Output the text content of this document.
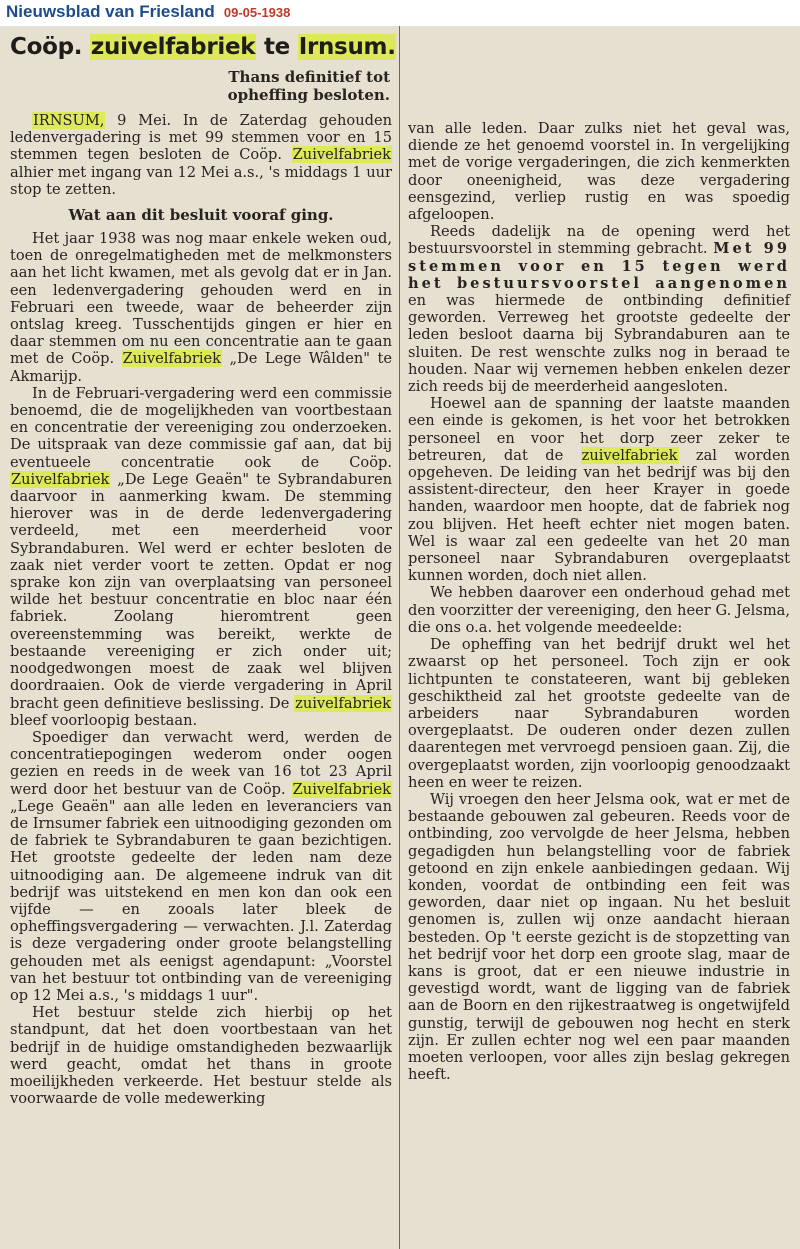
Nieuwsblad van Friesland 09-05-1938
Coöp. zuivelfabriek te Irnsum.
Thans definitief tot
opheffing besloten.

IRNSUM, 9 Mei. In de Zaterdag gehouden ledenvergadering is met 99 stemmen voor en 15 stemmen tegen besloten de Coöp. Zuivelfabriek alhier met ingang van 12 Mei a.s., 's middags 1 uur stop te zetten.

Wat aan dit besluit vooraf ging.

Het jaar 1938 was nog maar enkele weken oud, toen de onregelmatigheden met de melkmonsters aan het licht kwamen, met als gevolg dat er in Jan. een ledenvergadering gehouden werd en in Februari een tweede, waar de beheerder zijn ontslag kreeg. Tusschentijds gingen er hier en daar stemmen om nu een concentratie aan te gaan met de Coöp. Zuivelfabriek „De Lege Wâlden" te Akmarijp.

In de Februari-vergadering werd een commissie benoemd, die de mogelijkheden van voortbestaan en concentratie der vereeniging zou onderzoeken. De uitspraak van deze commissie gaf aan, dat bij eventueele concentratie ook de Coöp. Zuivelfabriek „De Lege Geaën" te Sybrandaburen daarvoor in aanmerking kwam. De stemming hierover was in de derde ledenvergadering verdeeld, met een meerderheid voor Sybrandaburen. Wel werd er echter besloten de zaak niet verder voort te zetten. Opdat er nog sprake kon zijn van overplaatsing van personeel wilde het bestuur concentratie en bloc naar één fabriek. Zoolang hieromtrent geen overeenstemming was bereikt, werkte de bestaande vereeniging er zich onder uit; noodgedwongen moest de zaak wel blijven doordraaien. Ook de vierde vergadering in April bracht geen definitieve beslissing. De zuivelfabriek bleef voorloopig bestaan.

Spoediger dan verwacht werd, werden de concentratiepogingen wederom onder oogen gezien en reeds in de week van 16 tot 23 April werd door het bestuur van de Coöp. Zuivelfabriek „Lege Geaën" aan alle leden en leveranciers van de Irnsumer fabriek een uitnoodiging gezonden om de fabriek te Sybrandaburen te gaan bezichtigen. Het grootste gedeelte der leden nam deze uitnoodiging aan. De algemeene indruk van dit bedrijf was uitstekend en men kon dan ook een vijfde — en zooals later bleek de opheffingsvergadering — verwachten. J.l. Zaterdag is deze vergadering onder groote belangstelling gehouden met als eenigst agendapunt: „Voorstel van het bestuur tot ontbinding van de vereeniging op 12 Mei a.s., 's middags 1 uur".

Het bestuur stelde zich hierbij op het standpunt, dat het doen voortbestaan van het bedrijf in de huidige omstandigheden bezwaarlijk werd geacht, omdat het thans in groote moeilijkheden verkeerde. Het bestuur stelde als voorwaarde de volle medewerking

van alle leden. Daar zulks niet het geval was, diende ze het genoemd voorstel in. In vergelijking met de vorige vergaderingen, die zich kenmerkten door oneenigheid, was deze vergadering eensgezind, verliep rustig en was spoedig afgeloopen.

Reeds dadelijk na de opening werd het bestuursvoorstel in stemming gebracht. Met 99 stemmen voor en 15 tegen werd het bestuursvoorstel aangenomen en was hiermede de ontbinding definitief geworden. Verreweg het grootste gedeelte der leden besloot daarna bij Sybrandaburen aan te sluiten. De rest wenschte zulks nog in beraad te houden. Naar wij vernemen hebben enkelen dezer zich reeds bij de meerderheid aangesloten.

Hoewel aan de spanning der laatste maanden een einde is gekomen, is het voor het betrokken personeel en voor het dorp zeer zeker te betreuren, dat de zuivelfabriek zal worden opgeheven. De leiding van het bedrijf was bij den assistent-directeur, den heer Krayer in goede handen, waardoor men hoopte, dat de fabriek nog zou blijven. Het heeft echter niet mogen baten. Wel is waar zal een gedeelte van het 20 man personeel naar Sybrandaburen overgeplaatst kunnen worden, doch niet allen.

We hebben daarover een onderhoud gehad met den voorzitter der vereeniging, den heer G. Jelsma, die ons o.a. het volgende meedeelde:

De opheffing van het bedrijf drukt wel het zwaarst op het personeel. Toch zijn er ook lichtpunten te constateeren, want bij gebleken geschiktheid zal het grootste gedeelte van de arbeiders naar Sybrandaburen worden overgeplaatst. De ouderen onder dezen zullen daarentegen met vervroegd pensioen gaan. Zij, die overgeplaatst worden, zijn voorloopig genoodzaakt heen en weer te reizen.

Wij vroegen den heer Jelsma ook, wat er met de bestaande gebouwen zal gebeuren. Reeds voor de ontbinding, zoo vervolgde de heer Jelsma, hebben gegadigden hun belangstelling voor de fabriek getoond en zijn enkele aanbiedingen gedaan. Wij konden, voordat de ontbinding een feit was geworden, daar niet op ingaan. Nu het besluit genomen is, zullen wij onze aandacht hieraan besteden. Op 't eerste gezicht is de stopzetting van het bedrijf voor het dorp een groote slag, maar de kans is groot, dat er een nieuwe industrie in gevestigd wordt, want de ligging van de fabriek aan de Boorn en den rijkestraatweg is ongetwijfeld gunstig, terwijl de gebouwen nog hecht en sterk zijn. Er zullen echter nog wel een paar maanden moeten verloopen, voor alles zijn beslag gekregen heeft.
